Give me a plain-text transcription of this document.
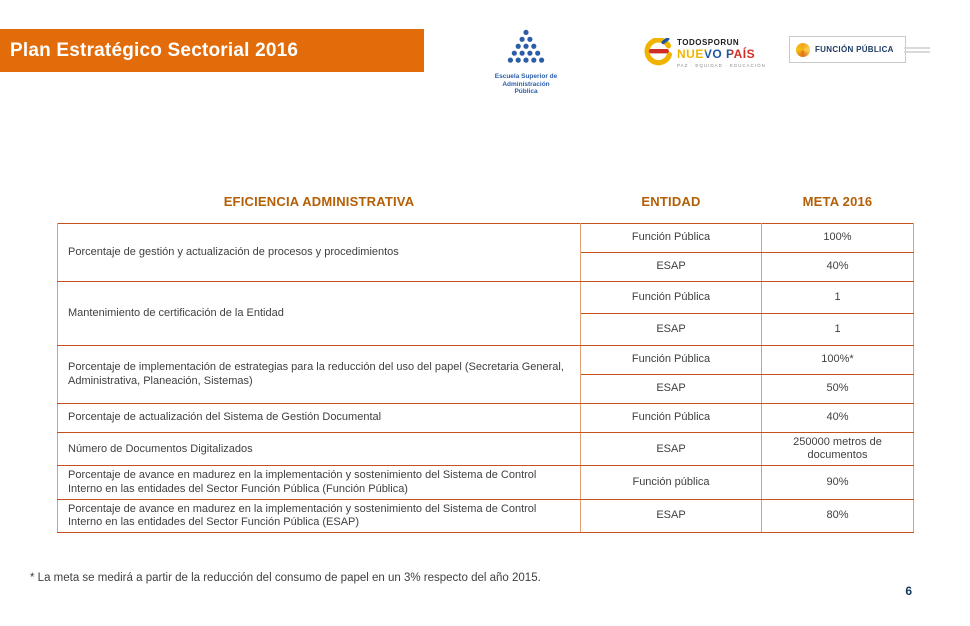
Plan Estratégico Sectorial 2016
Escuela Superior de
Administración Pública
TODOSPORUN
NUEVO PAÍS
PAZ · EQUIDAD · EDUCACIÓN
FUNCIÓN PÚBLICA
EFICIENCIA ADMINISTRATIVA	ENTIDAD	META 2016
Porcentaje de gestión y actualización de procesos y procedimientos	Función Pública	100%
	ESAP	40%
Mantenimiento de certificación de la Entidad	Función Pública	1
	ESAP	1
Porcentaje de implementación de estrategias para la reducción del uso del papel (Secretaria General, Administrativa, Planeación, Sistemas)	Función Pública	100%*
	ESAP	50%
Porcentaje de actualización del Sistema de Gestión Documental	Función Pública	40%
Número de Documentos Digitalizados	ESAP	250000 metros de documentos
Porcentaje de avance en madurez en la implementación y sostenimiento del Sistema de Control Interno en las entidades del Sector Función Pública (Función Pública)	Función pública	90%
Porcentaje de avance en madurez en la implementación y sostenimiento del Sistema de Control Interno en las entidades del Sector Función Pública (ESAP)	ESAP	80%
* La meta se medirá a partir de la reducción del consumo de papel en un 3% respecto del año 2015.
6
